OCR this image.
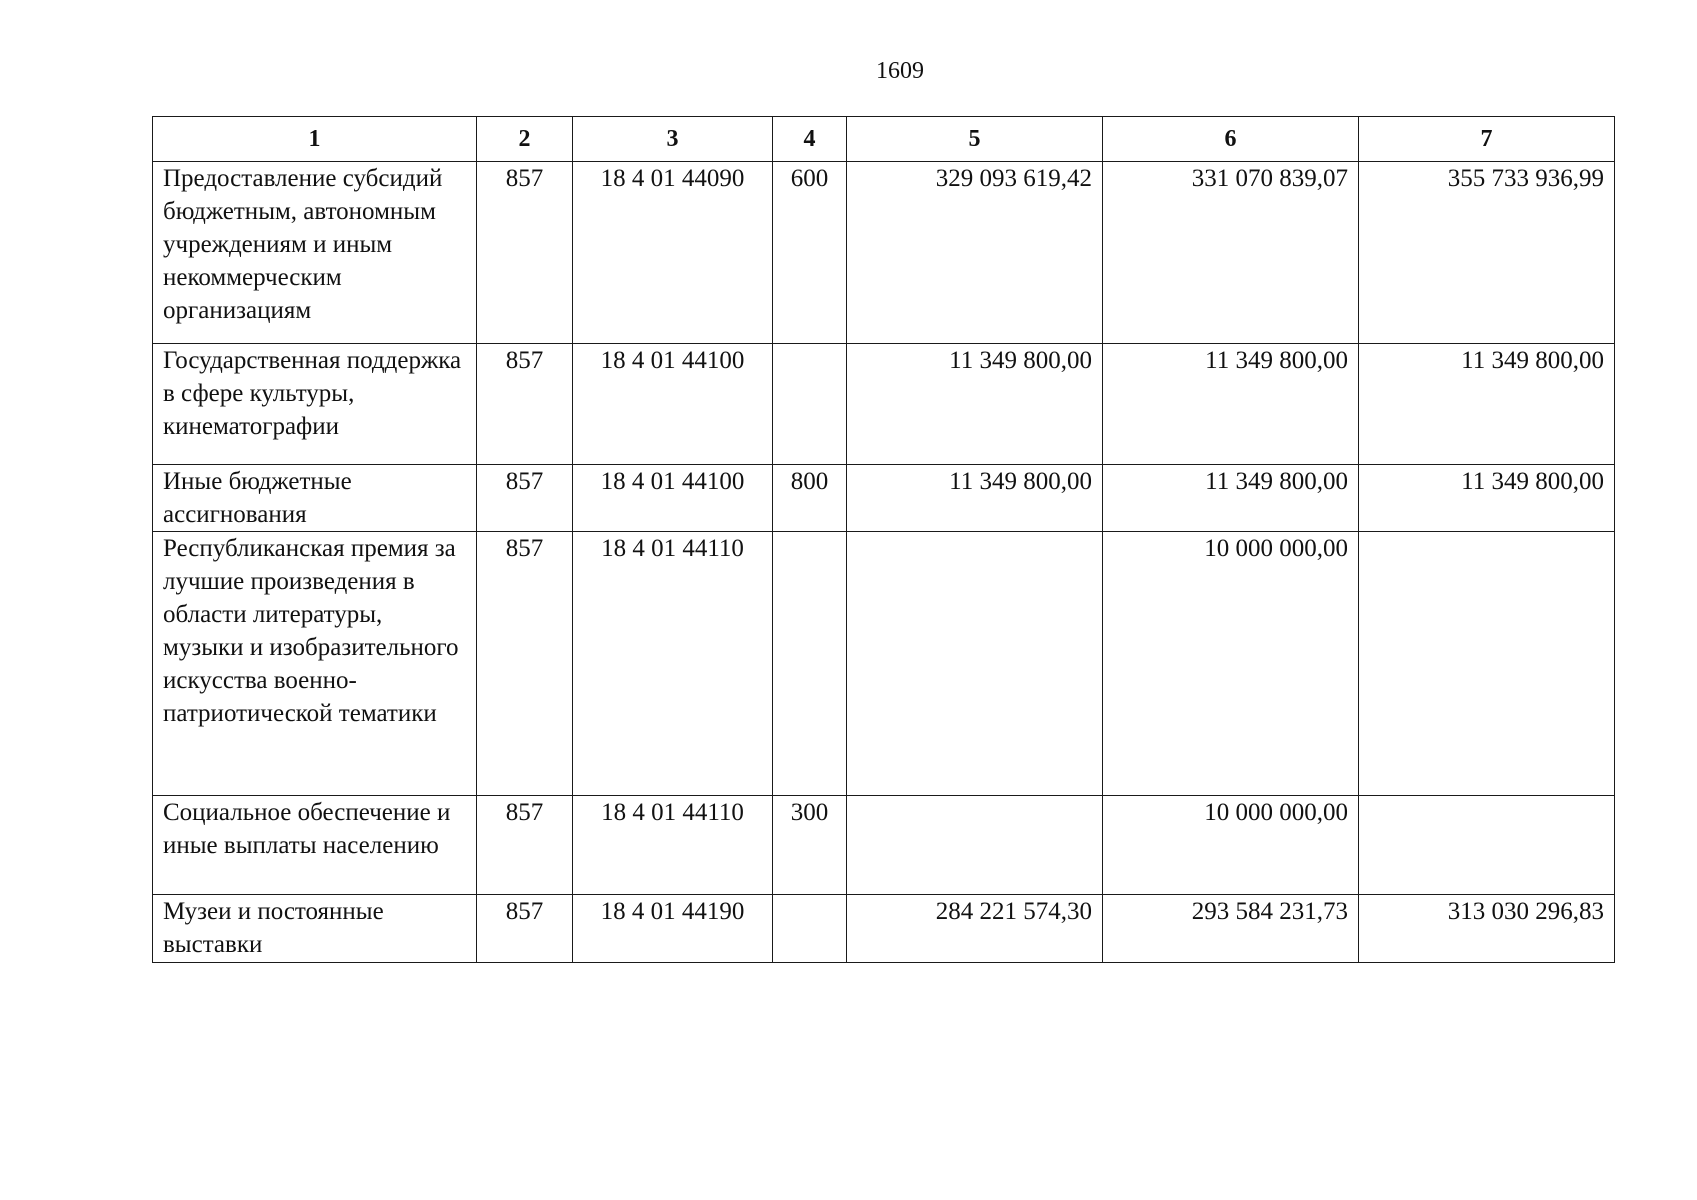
1609
1	2	3	4	5	6	7
Предоставление субсидий бюджетным, автономным учреждениям и иным некоммерческим организациям	857	18 4 01 44090	600	329 093 619,42	331 070 839,07	355 733 936,99
Государственная поддержка в сфере культуры, кинематографии	857	18 4 01 44100		11 349 800,00	11 349 800,00	11 349 800,00
Иные бюджетные ассигнования	857	18 4 01 44100	800	11 349 800,00	11 349 800,00	11 349 800,00
Республиканская премия за лучшие произведения в области литературы, музыки и изобразительного искусства военно-патриотической тематики	857	18 4 01 44110			10 000 000,00	
Социальное обеспечение и иные выплаты населению	857	18 4 01 44110	300		10 000 000,00	
Музеи и постоянные выставки	857	18 4 01 44190		284 221 574,30	293 584 231,73	313 030 296,83
